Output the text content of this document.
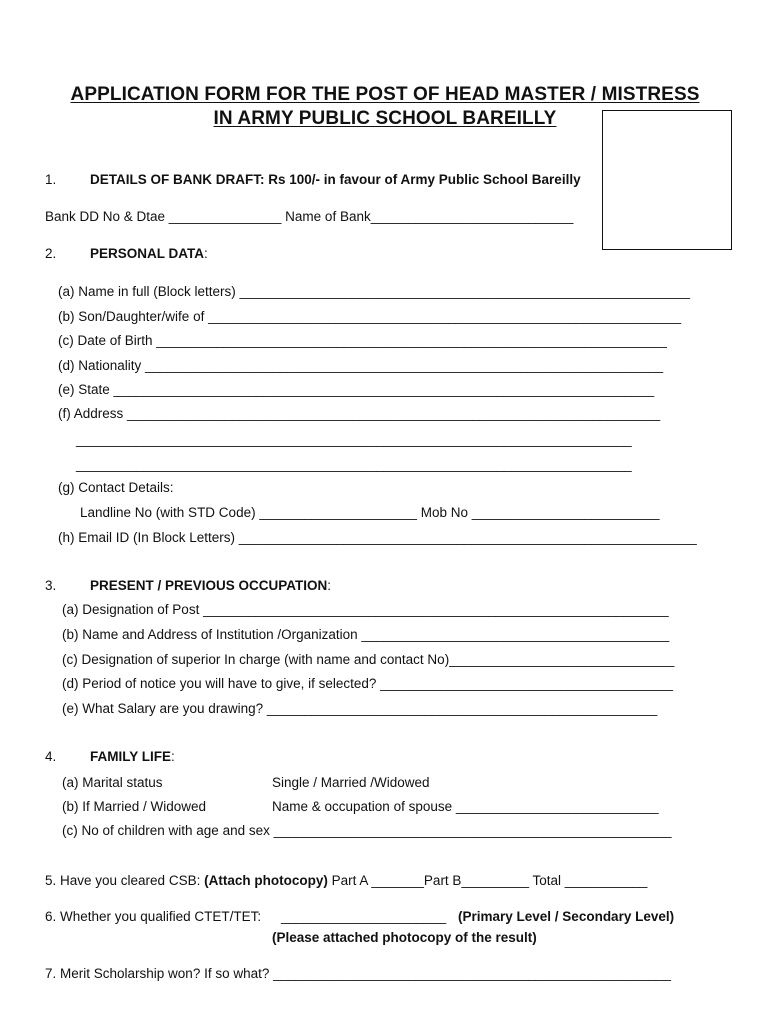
APPLICATION FORM FOR THE POST OF HEAD MASTER / MISTRESS
IN ARMY PUBLIC SCHOOL BAREILLY
1. DETAILS OF BANK DRAFT: Rs 100/- in favour of Army Public School Bareilly
Bank DD No & Dtae _______________ Name of Bank___________________________
2. PERSONAL DATA:
(a) Name in full (Block letters) ____________________________________________________________
(b) Son/Daughter/wife of _______________________________________________________________
(c) Date of Birth ____________________________________________________________________
(d) Nationality _____________________________________________________________________
(e) State ________________________________________________________________________
(f) Address _______________________________________________________________________
__________________________________________________________________________
__________________________________________________________________________
(g) Contact Details:
Landline No (with STD Code) _____________________ Mob No _________________________
(h) Email ID (In Block Letters) _____________________________________________________________
3. PRESENT / PREVIOUS OCCUPATION:
(a) Designation of Post ______________________________________________________________
(b) Name and Address of Institution /Organization _________________________________________
(c) Designation of superior In charge (with name and contact No)______________________________
(d) Period of notice you will have to give, if selected? _______________________________________
(e) What Salary are you drawing? ____________________________________________________
4. FAMILY LIFE:
(a) Marital status	Single / Married /Widowed
(b) If Married / Widowed	Name & occupation of spouse ___________________________
(c) No of children with age and sex _____________________________________________________
5. Have you cleared CSB: (Attach photocopy) Part A _______Part B_________ Total ___________
6. Whether you qualified CTET/TET: ______________________ (Primary Level / Secondary Level)
(Please attached photocopy of the result)
7. Merit Scholarship won? If so what? _____________________________________________________
